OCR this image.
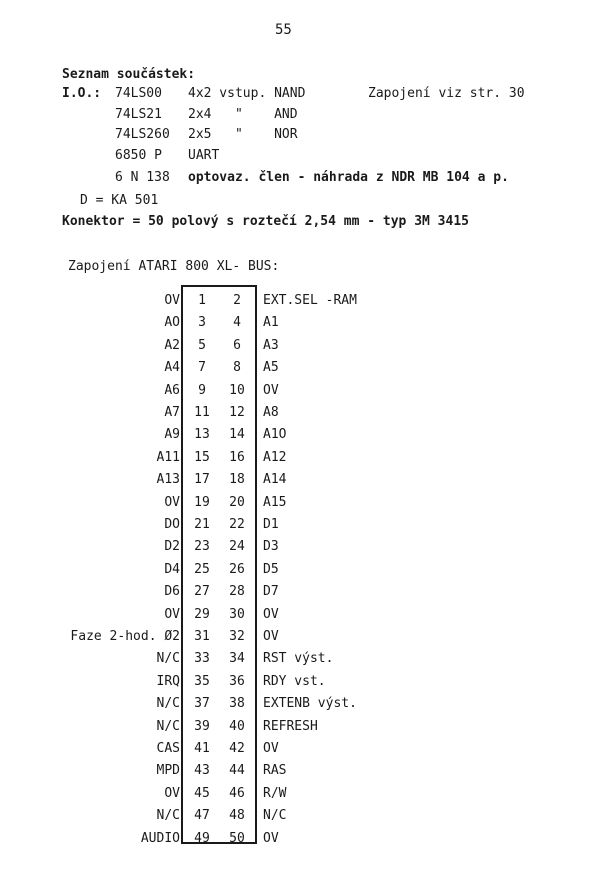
55
Seznam součástek:
I.O.: 74LS00 4x2 vstup. NAND	Zapojení viz str. 30
74LS21 2x4   "    AND
74LS260 2x5   "    NOR
6850 P UART
6 N 138 optovaz. člen - náhrada z NDR MB 104 a p.
D = KA 501
Konektor = 50 polový s roztečí 2,54 mm - typ 3M 3415
Zapojení ATARI 800 XL- BUS:
OV	1	2	EXT.SEL -RAM
AO	3	4	A1
A2	5	6	A3
A4	7	8	A5
A6	9	10	OV
A7	11	12	A8
A9	13	14	A1O
A11	15	16	A12
A13	17	18	A14
OV	19	20	A15
DO	21	22	D1
D2	23	24	D3
D4	25	26	D5
D6	27	28	D7
OV	29	30	OV
Faze 2-hod. Ø2	31	32	OV
N/C	33	34	RST výst.
IRQ	35	36	RDY vst.
N/C	37	38	EXTENB výst.
N/C	39	40	REFRESH
CAS	41	42	OV
MPD	43	44	RAS
OV	45	46	R/W
N/C	47	48	N/C
AUDIO	49	50	OV
